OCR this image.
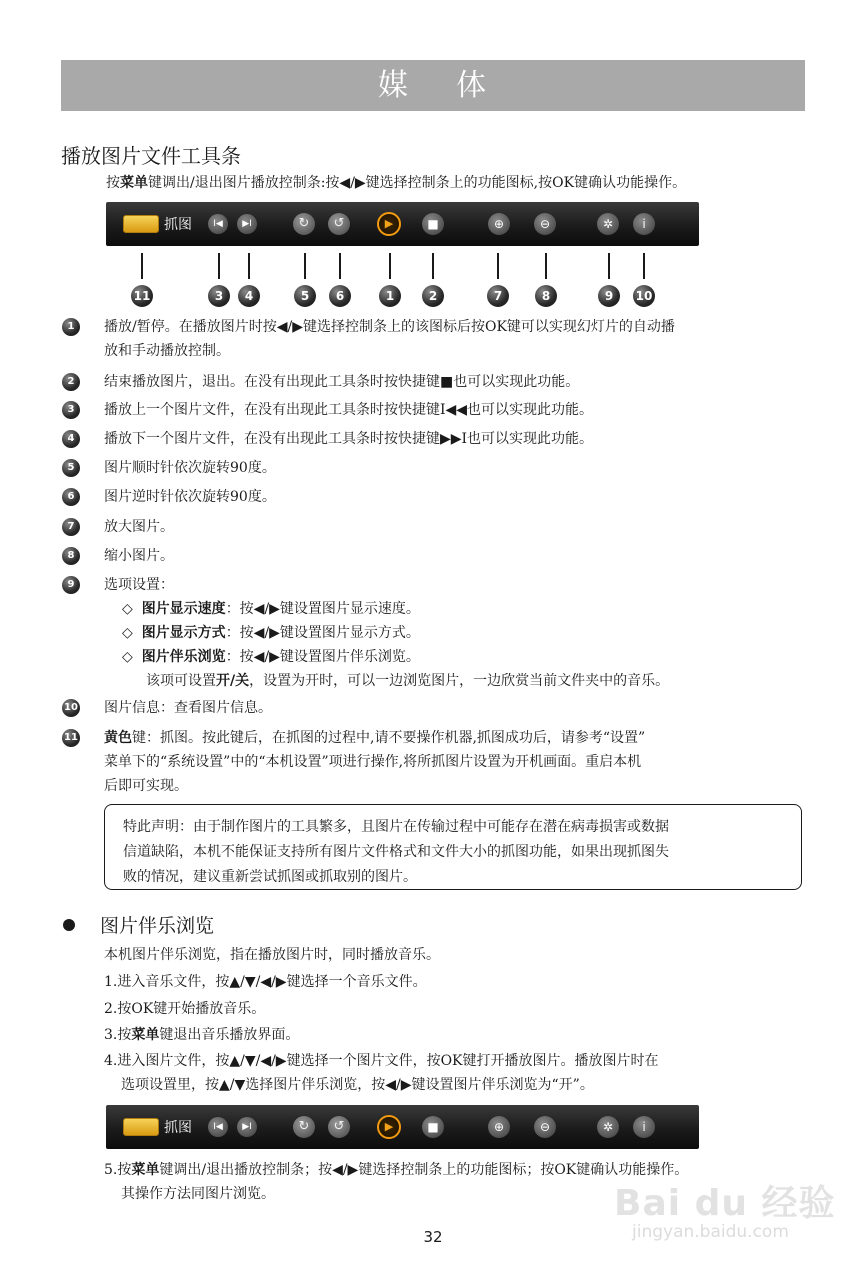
媒    体
播放图片文件工具条
按菜单键调出/退出图片播放控制条:按◀/▶键选择控制条上的功能图标,按OK键确认功能操作。
抓图	I◀	▶I	↻	↺	▶	■	⊕	⊖	✲	i
11	3	4	5	6	1	2	7	8	9	10
1	播放/暂停。在播放图片时按◀/▶键选择控制条上的该图标后按OK键可以实现幻灯片的自动播
放和手动播放控制。
2	结束播放图片，退出。在没有出现此工具条时按快捷键■也可以实现此功能。
3	播放上一个图片文件，在没有出现此工具条时按快捷键I◀◀也可以实现此功能。
4	播放下一个图片文件，在没有出现此工具条时按快捷键▶▶I也可以实现此功能。
5	图片顺时针依次旋转90度。
6	图片逆时针依次旋转90度。
7	放大图片。
8	缩小图片。
9	选项设置：
◇ 图片显示速度：按◀/▶键设置图片显示速度。
◇ 图片显示方式：按◀/▶键设置图片显示方式。
◇ 图片伴乐浏览：按◀/▶键设置图片伴乐浏览。
该项可设置开/关，设置为开时，可以一边浏览图片，一边欣赏当前文件夹中的音乐。
10 图片信息：查看图片信息。
11 黄色键：抓图。按此键后，在抓图的过程中,请不要操作机器,抓图成功后，请参考“设置”
菜单下的“系统设置”中的“本机设置”项进行操作,将所抓图片设置为开机画面。重启本机
后即可实现。
特此声明：由于制作图片的工具繁多，且图片在传输过程中可能存在潜在病毒损害或数据
信道缺陷，本机不能保证支持所有图片文件格式和文件大小的抓图功能，如果出现抓图失
败的情况，建议重新尝试抓图或抓取别的图片。
图片伴乐浏览
本机图片伴乐浏览，指在播放图片时，同时播放音乐。
1.进入音乐文件，按▲/▼/◀/▶键选择一个音乐文件。
2.按OK键开始播放音乐。
3.按菜单键退出音乐播放界面。
4.进入图片文件，按▲/▼/◀/▶键选择一个图片文件，按OK键打开播放图片。播放图片时在
选项设置里，按▲/▼选择图片伴乐浏览，按◀/▶键设置图片伴乐浏览为“开”。
抓图	I◀	▶I	↻	↺	▶	■	⊕	⊖	✲	i
5.按菜单键调出/退出播放控制条；按◀/▶键选择控制条上的功能图标；按OK键确认功能操作。
其操作方法同图片浏览。	Bai du 经验
jingyan.baidu.com
32
